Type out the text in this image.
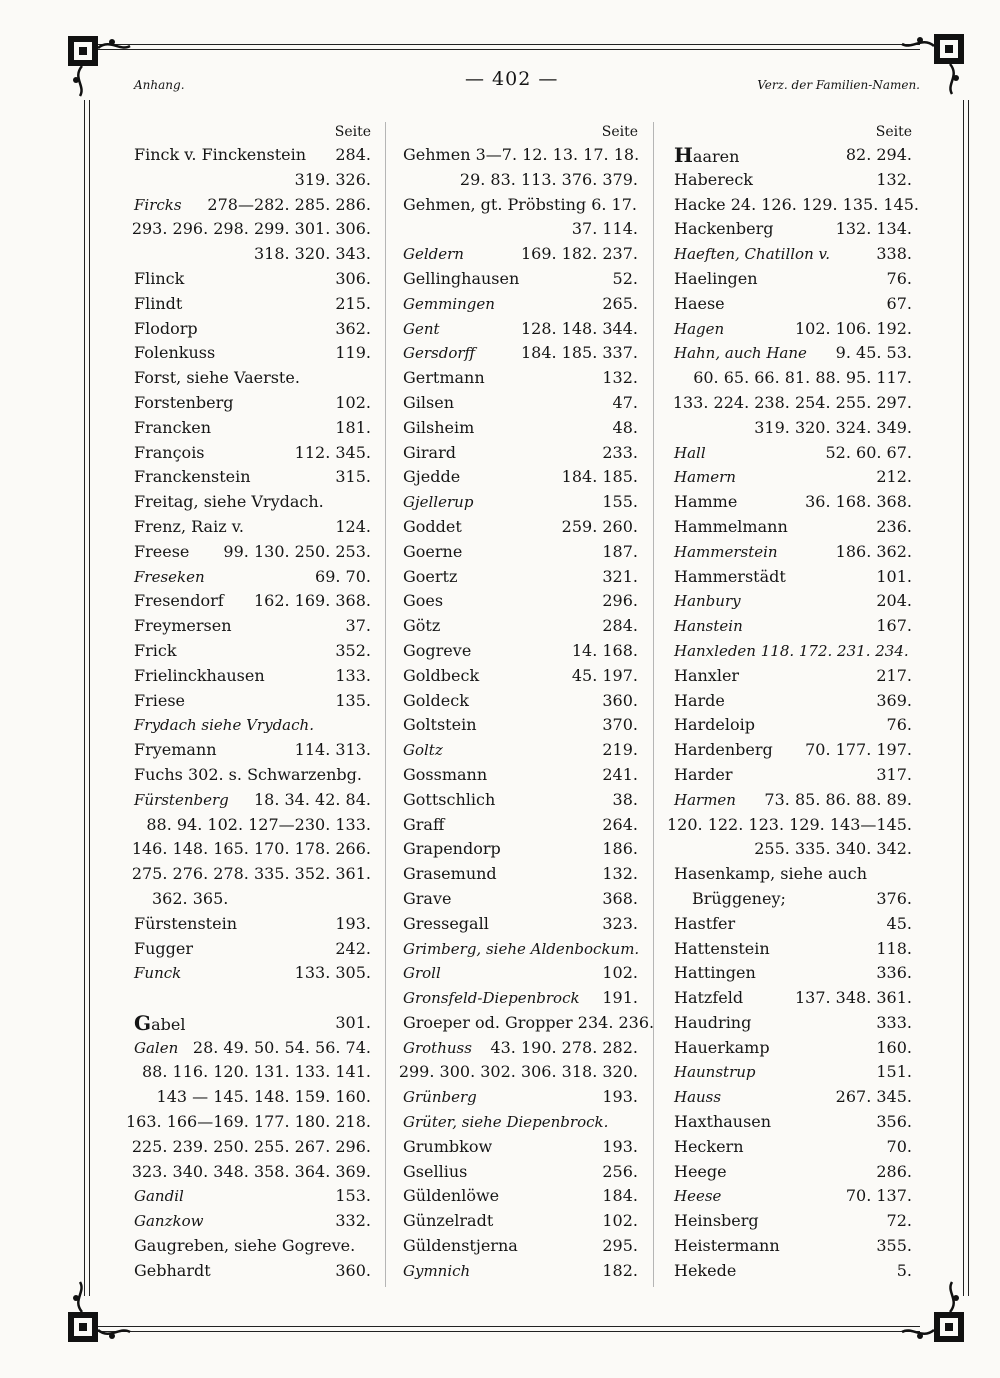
Anhang.	— 402 —	Verz. der Familien-Namen.
Seite
Finck v. Finckenstein 284.
319. 326.
Fircks 278—282. 285. 286.
293. 296. 298. 299. 301. 306.
318. 320. 343.
Flinck	306.
Flindt	215.
Flodorp	362.
Folenkuss	119.
Forst, siehe Vaerste.
Forstenberg	102.
Francken	181.
François	112. 345.
Franckenstein	315.
Freitag, siehe Vrydach.
Frenz, Raiz v.	124.
Freese 99. 130. 250. 253.
Freseken	69. 70.
Fresendorf 162. 169. 368.
Freymersen	37.
Frick	352.
Frielinckhausen	133.
Friese	135.
Frydach siehe Vrydach.
Fryemann	114. 313.
Fuchs 302. s. Schwarzenbg.
Fürstenberg 18. 34. 42. 84.
88. 94. 102. 127—230. 133.
146. 148. 165. 170. 178. 266.
275. 276. 278. 335. 352. 361.
362. 365.
Fürstenstein	193.
Fugger	242.
Funck	133. 305.
Gabel	301.
Galen 28. 49. 50. 54. 56. 74.
88. 116. 120. 131. 133. 141.
143 — 145. 148. 159. 160.
163. 166—169. 177. 180. 218.
225. 239. 250. 255. 267. 296.
323. 340. 348. 358. 364. 369.
Gandil	153.
Ganzkow	332.
Gaugreben, siehe Gogreve.
Gebhardt	360.
Seite
Gehmen 3—7. 12. 13. 17. 18.
29. 83. 113. 376. 379.
Gehmen, gt. Pröbsting 6. 17.
37. 114.
Geldern	169. 182. 237.
Gellinghausen	52.
Gemmingen	265.
Gent	128. 148. 344.
Gersdorff	184. 185. 337.
Gertmann	132.
Gilsen	47.
Gilsheim	48.
Girard	233.
Gjedde	184. 185.
Gjellerup	155.
Goddet	259. 260.
Goerne	187.
Goertz	321.
Goes	296.
Götz	284.
Gogreve	14. 168.
Goldbeck	45. 197.
Goldeck	360.
Goltstein	370.
Goltz	219.
Gossmann	241.
Gottschlich	38.
Graff	264.
Grapendorp	186.
Grasemund	132.
Grave	368.
Gressegall	323.
Grimberg, siehe Aldenbockum.
Groll	102.
Gronsfeld-Diepenbrock 191.
Groeper od. Gropper 234. 236.
Grothuss 43. 190. 278. 282.
299. 300. 302. 306. 318. 320.
Grünberg	193.
Grüter, siehe Diepenbrock.
Grumbkow	193.
Gsellius	256.
Güldenlöwe	184.
Günzelradt	102.
Güldenstjerna	295.
Gymnich	182.
Seite
Haaren	82. 294.
Habereck	132.
Hacke 24. 126. 129. 135. 145.
Hackenberg	132. 134.
Haeften, Chatillon v.	338.
Haelingen	76.
Haese	67.
Hagen	102. 106. 192.
Hahn, auch Hane 9. 45. 53.
60. 65. 66. 81. 88. 95. 117.
133. 224. 238. 254. 255. 297.
319. 320. 324. 349.
Hall	52. 60. 67.
Hamern	212.
Hamme	36. 168. 368.
Hammelmann	236.
Hammerstein	186. 362.
Hammerstädt	101.
Hanbury	204.
Hanstein	167.
Hanxleden 118. 172. 231. 234.
Hanxler	217.
Harde	369.
Hardeloip	76.
Hardenberg 70. 177. 197.
Harder	317.
Harmen 73. 85. 86. 88. 89.
120. 122. 123. 129. 143—145.
255. 335. 340. 342.
Hasenkamp, siehe auch
Brüggeney;	376.
Hastfer	45.
Hattenstein	118.
Hattingen	336.
Hatzfeld	137. 348. 361.
Haudring	333.
Hauerkamp	160.
Haunstrup	151.
Hauss	267. 345.
Haxthausen	356.
Heckern	70.
Heege	286.
Heese	70. 137.
Heinsberg	72.
Heistermann	355.
Hekede	5.
